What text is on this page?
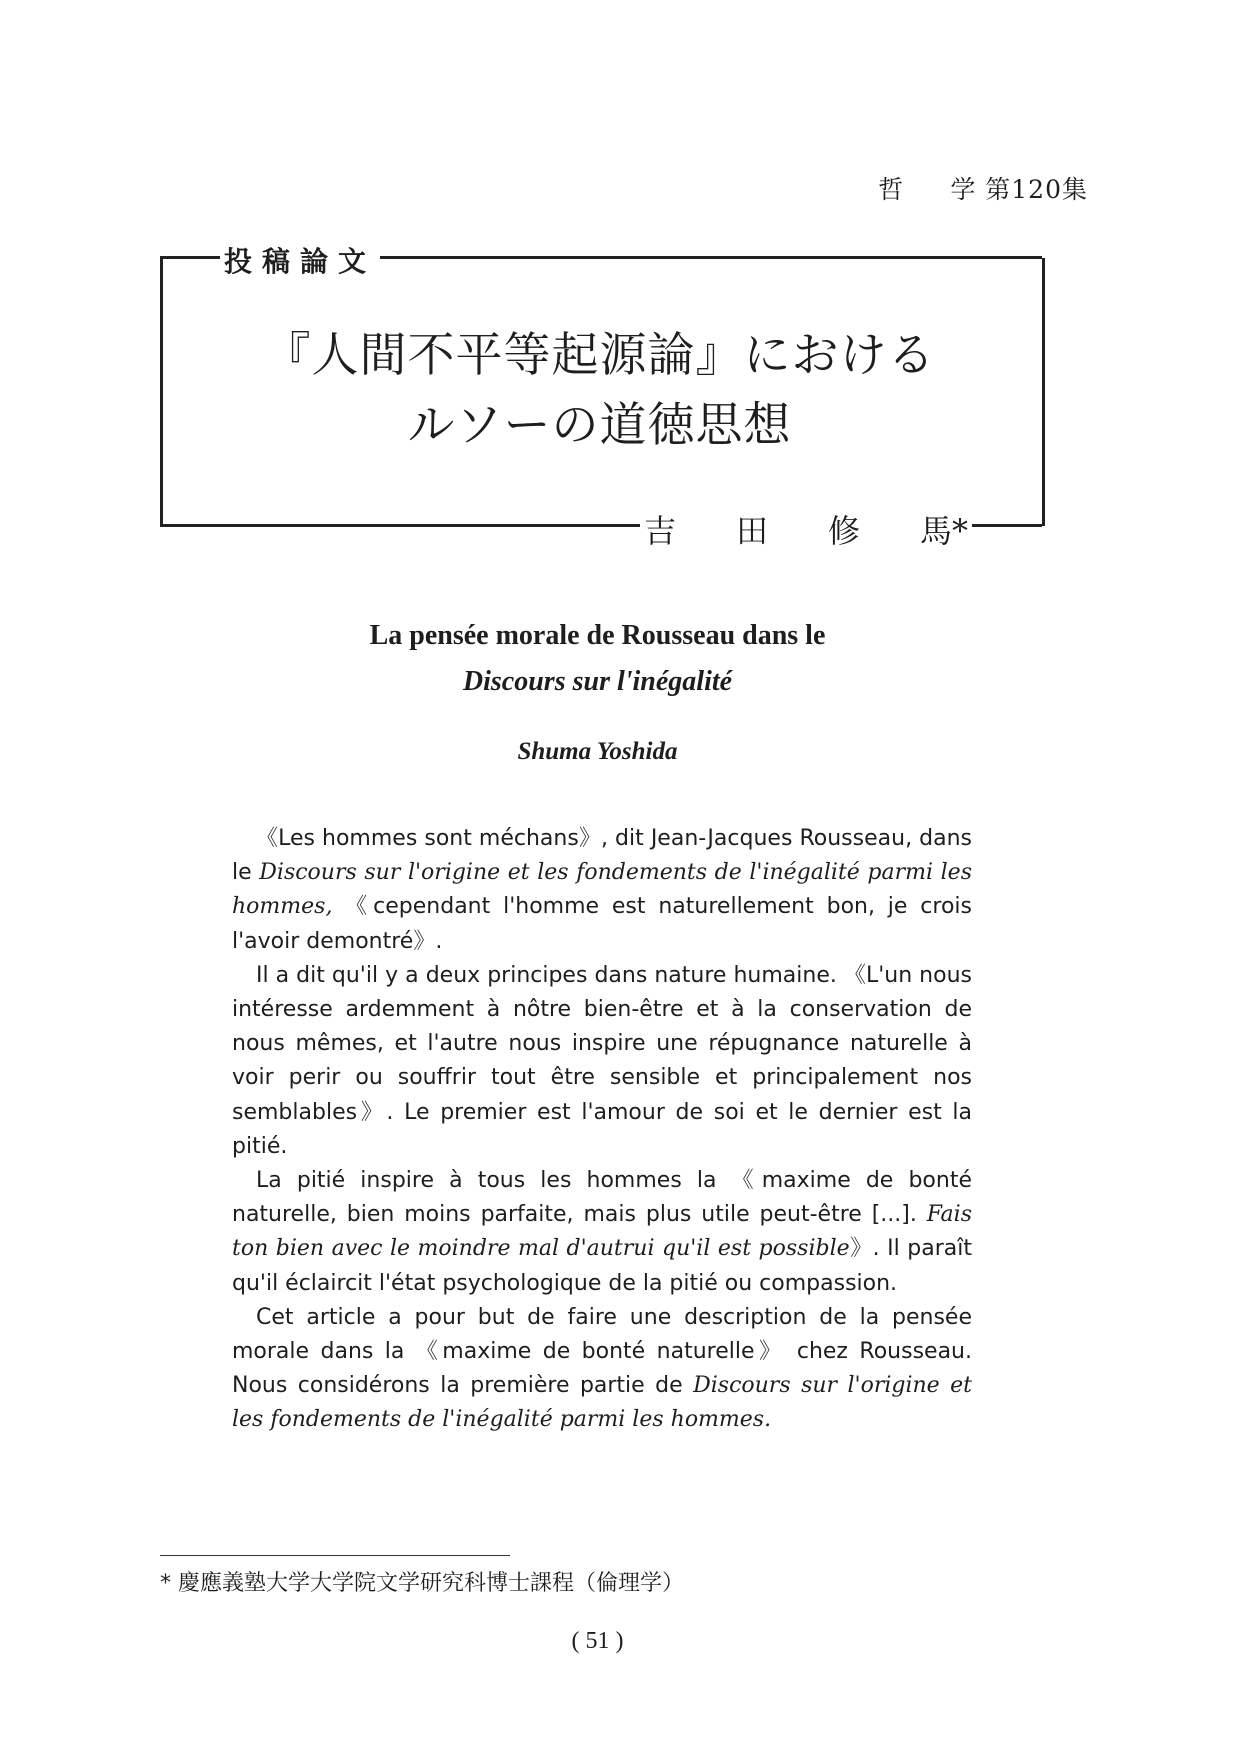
哲 学 第120集
投稿論文
『人間不平等起源論』における
ルソーの道徳思想
吉 田 修 馬*
La pensée morale de Rousseau dans le
Discours sur l'inégalité
Shuma Yoshida

《Les hommes sont méchans》, dit Jean-Jacques Rousseau, dans le Discours sur l'origine et les fondements de l'inégalité parmi les hommes, 《cependant l'homme est naturellement bon, je crois l'avoir demontré》.

Il a dit qu'il y a deux principes dans nature humaine. 《L'un nous intéresse ardemment à nôtre bien-être et à la conservation de nous mêmes, et l'autre nous inspire une répugnance naturelle à voir perir ou souffrir tout être sensible et principalement nos semblables》. Le premier est l'amour de soi et le dernier est la pitié.

La pitié inspire à tous les hommes la 《maxime de bonté naturelle, bien moins parfaite, mais plus utile peut-être [...]. Fais ton bien avec le moindre mal d'autrui qu'il est possible》. Il paraît qu'il éclaircit l'état psychologique de la pitié ou compassion.

Cet article a pour but de faire une description de la pensée morale dans la 《maxime de bonté naturelle》 chez Rousseau. Nous considérons la première partie de Discours sur l'origine et les fondements de l'inégalité parmi les hommes.

* 慶應義塾大学大学院文学研究科博士課程（倫理学）
( 51 )
